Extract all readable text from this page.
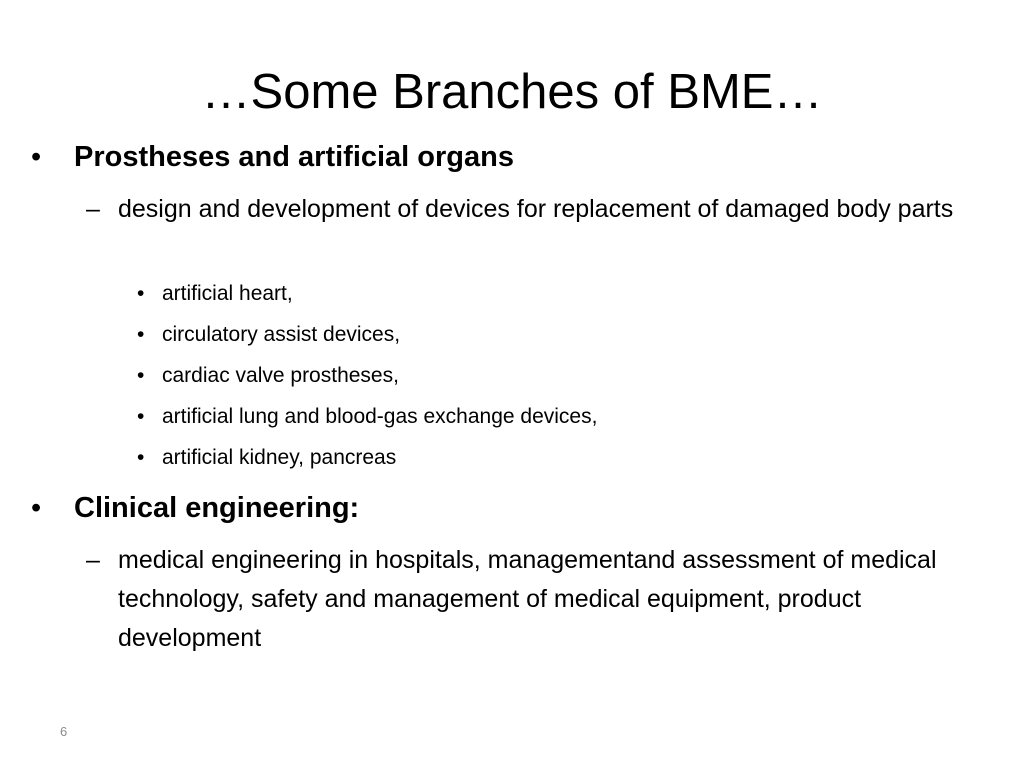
…Some Branches of BME…
• Prostheses and artificial organs
– design and development of devices for replacement of damaged body parts
• artificial heart,
• circulatory assist devices,
• cardiac valve prostheses,
• artificial lung and blood-gas exchange devices,
• artificial kidney, pancreas
• Clinical engineering:
– medical engineering in hospitals, managementand assessment of medical technology, safety and management of medical equipment, product development
6
